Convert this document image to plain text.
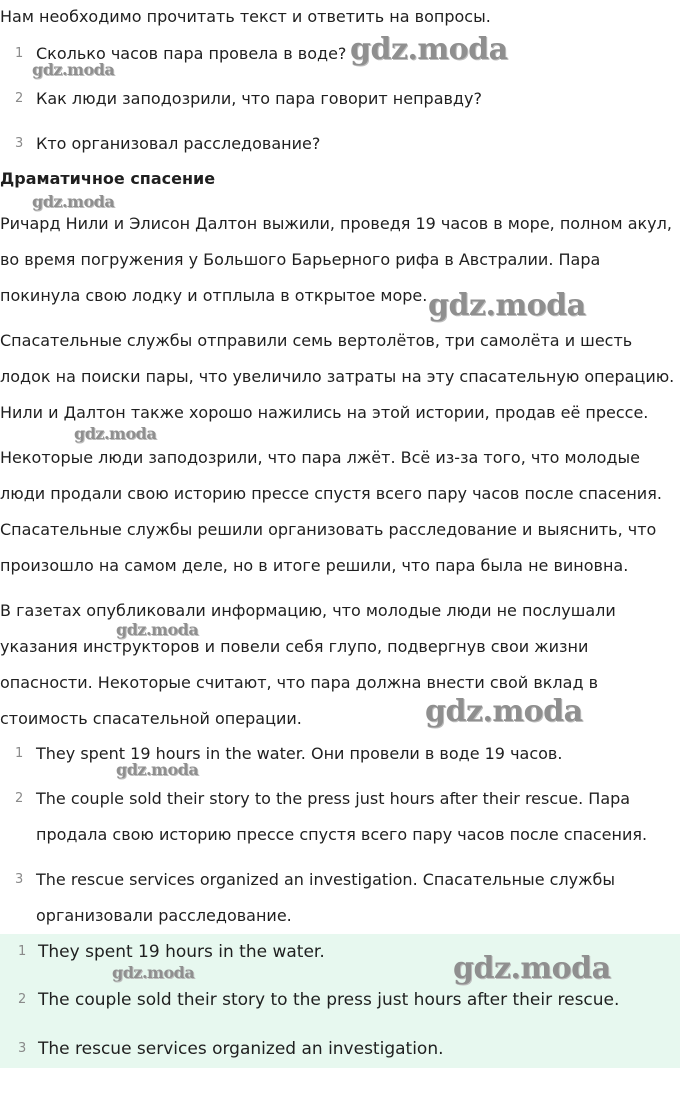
Нам необходимо прочитать текст и ответить на вопросы.
1 Сколько часов пара провела в воде?
2 Как люди заподозрили, что пара говорит неправду?
3 Кто организовал расследование?
Драматичное спасение
Ричард Нили и Элисон Далтон выжили, проведя 19 часов в море, полном акул, во время погружения у Большого Барьерного рифа в Австралии. Пара покинула свою лодку и отплыла в открытое море.
Спасательные службы отправили семь вертолётов, три самолёта и шесть лодок на поиски пары, что увеличило затраты на эту спасательную операцию. Нили и Далтон также хорошо нажились на этой истории, продав её прессе.
Некоторые люди заподозрили, что пара лжёт. Всё из-за того, что молодые люди продали свою историю прессе спустя всего пару часов после спасения. Спасательные службы решили организовать расследование и выяснить, что произошло на самом деле, но в итоге решили, что пара была не виновна.
В газетах опубликовали информацию, что молодые люди не послушали указания инструкторов и повели себя глупо, подвергнув свои жизни опасности. Некоторые считают, что пара должна внести свой вклад в стоимость спасательной операции.
1 They spent 19 hours in the water. Они провели в воде 19 часов.
2 The couple sold their story to the press just hours after their rescue. Пара продала свою историю прессе спустя всего пару часов после спасения.
3 The rescue services organized an investigation. Спасательные службы организовали расследование.
1 They spent 19 hours in the water.
2 The couple sold their story to the press just hours after their rescue.
3 The rescue services organized an investigation.
gdz.moda
gdz.moda
gdz.moda
gdz.moda
gdz.moda
gdz.moda
gdz.moda
gdz.moda
gdz.moda
gdz.moda
